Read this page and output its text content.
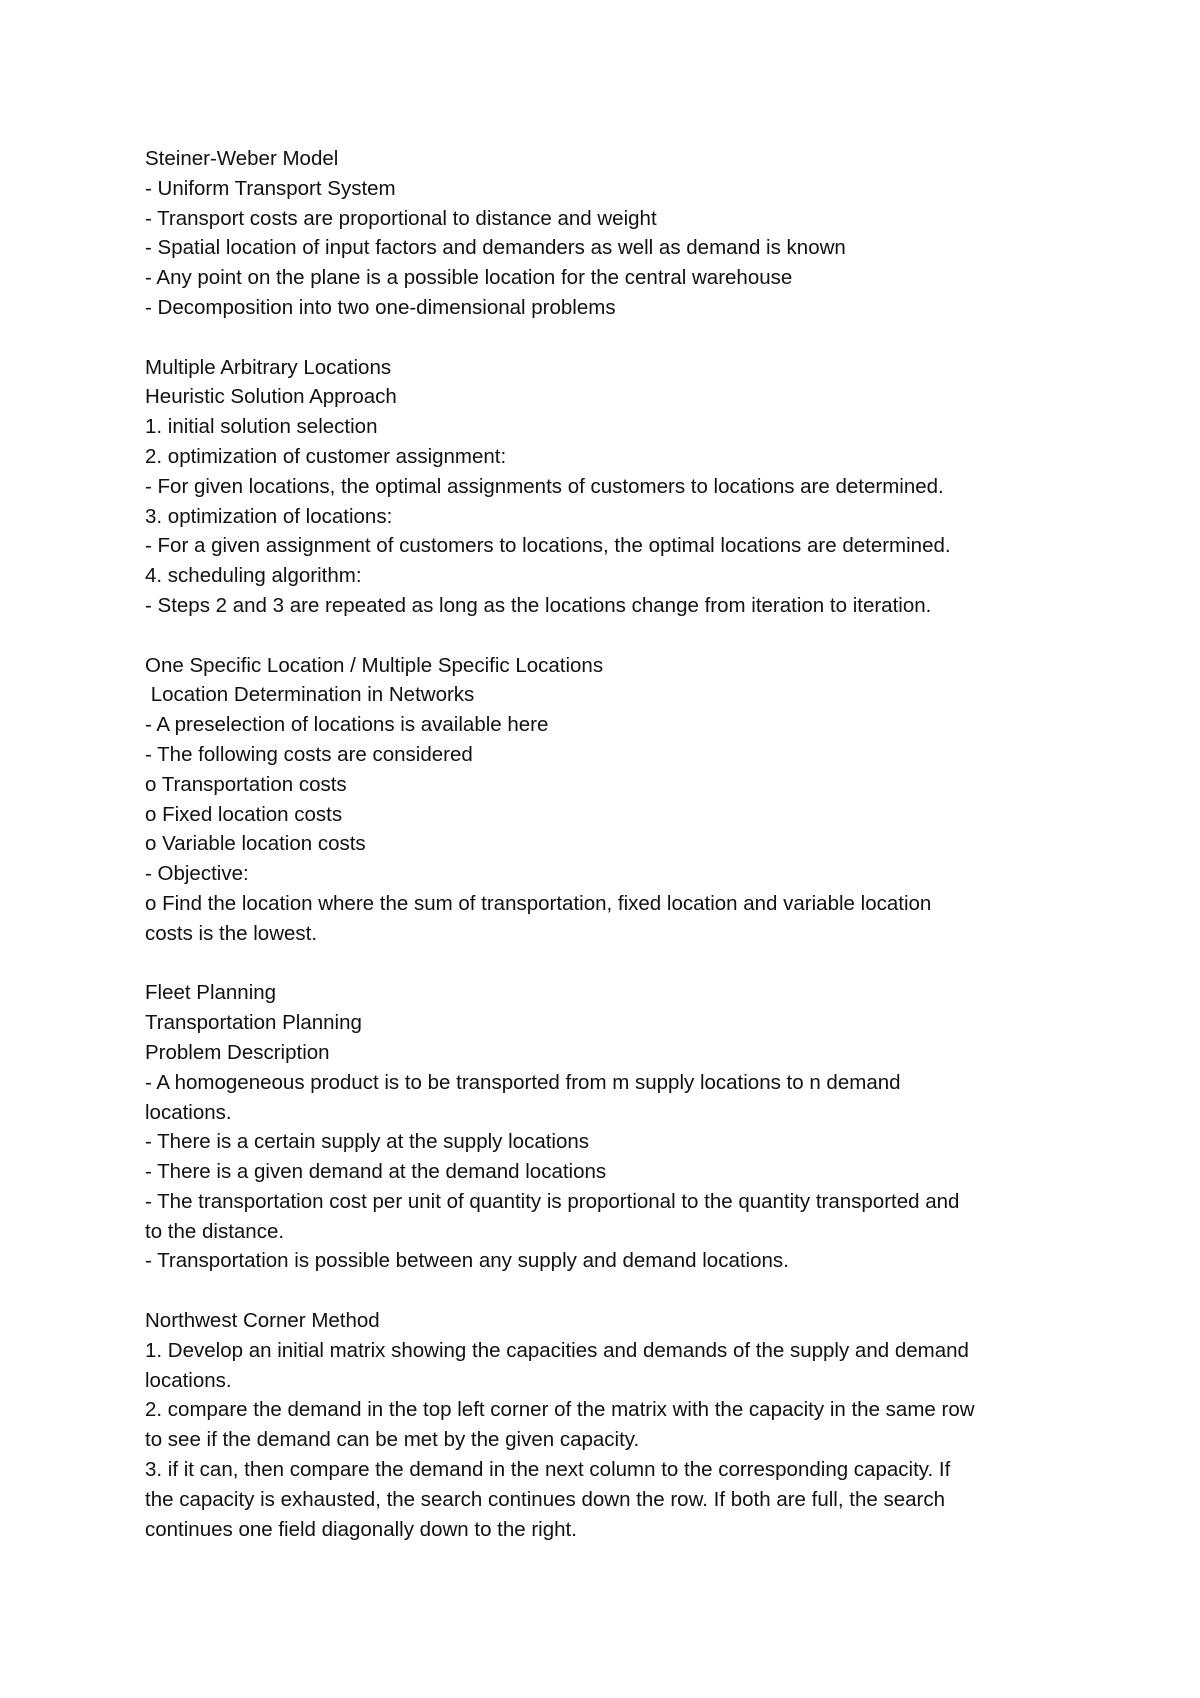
Steiner-Weber Model

- Uniform Transport System

- Transport costs are proportional to distance and weight

- Spatial location of input factors and demanders as well as demand is known

- Any point on the plane is a possible location for the central warehouse

- Decomposition into two one-dimensional problems

Multiple Arbitrary Locations

Heuristic Solution Approach

1. initial solution selection

2. optimization of customer assignment:

- For given locations, the optimal assignments of customers to locations are determined.

3. optimization of locations:

- For a given assignment of customers to locations, the optimal locations are determined.

4. scheduling algorithm:

- Steps 2 and 3 are repeated as long as the locations change from iteration to iteration.

One Specific Location / Multiple Specific Locations

Location Determination in Networks

- A preselection of locations is available here

- The following costs are considered

o Transportation costs

o Fixed location costs

o Variable location costs

- Objective:

o Find the location where the sum of transportation, fixed location and variable location

costs is the lowest.

Fleet Planning

Transportation Planning

Problem Description

- A homogeneous product is to be transported from m supply locations to n demand

locations.

- There is a certain supply at the supply locations

- There is a given demand at the demand locations

- The transportation cost per unit of quantity is proportional to the quantity transported and

to the distance.

- Transportation is possible between any supply and demand locations.

Northwest Corner Method

1. Develop an initial matrix showing the capacities and demands of the supply and demand

locations.

2. compare the demand in the top left corner of the matrix with the capacity in the same row

to see if the demand can be met by the given capacity.

3. if it can, then compare the demand in the next column to the corresponding capacity. If

the capacity is exhausted, the search continues down the row. If both are full, the search

continues one field diagonally down to the right.
